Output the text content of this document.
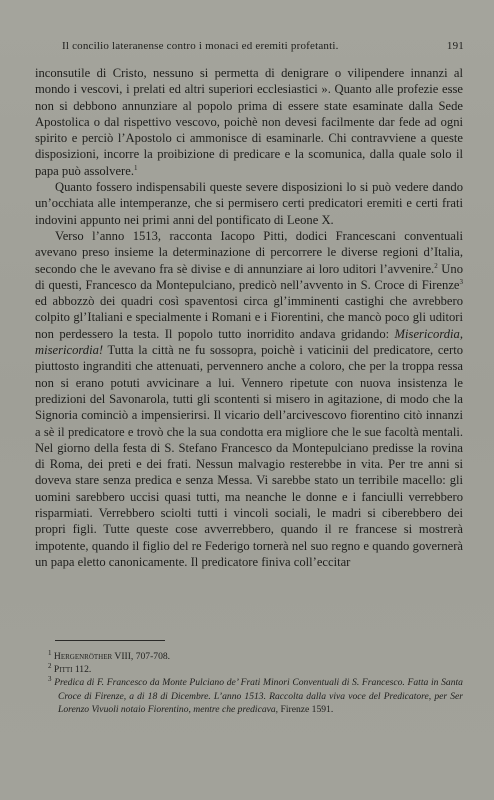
Il concilio lateranense contro i monaci ed eremiti profetanti.	191

inconsutile di Cristo, nessuno si permetta di denigrare o vilipendere innanzi al mondo i vescovi, i prelati ed altri superiori ecclesiastici ». Quanto alle profezie esse non si debbono annunziare al popolo prima di essere state esaminate dalla Sede Apostolica o dal rispettivo vescovo, poichè non devesi facilmente dar fede ad ogni spirito e perciò l’Apostolo ci ammonisce di esaminarle. Chi contravviene a queste disposizioni, incorre la proibizione di predicare e la scomunica, dalla quale solo il papa può assolvere.$^1$

Quanto fossero indispensabili queste severe disposizioni lo si può vedere dando un’occhiata alle intemperanze, che si permisero certi predicatori eremiti e certi frati indovini appunto nei primi anni del pontificato di Leone X.

Verso l’anno 1513, racconta Iacopo Pitti, dodici Francescani conventuali avevano preso insieme la determinazione di percorrere le diverse regioni d’Italia, secondo che le avevano fra sè divise e di annunziare ai loro uditori l’avvenire.$^2$ Uno di questi, Francesco da Montepulciano, predicò nell’avvento in S. Croce di Firenze$^3$ ed abbozzò dei quadri così spaventosi circa gl’imminenti castighi che avrebbero colpito gl’Italiani e specialmente i Romani e i Fiorentini, che mancò poco gli uditori non perdessero la testa. Il popolo tutto inorridito andava gridando: Misericordia, misericordia! Tutta la città ne fu sossopra, poichè i vaticinii del predicatore, certo piuttosto ingranditi che attenuati, pervennero anche a coloro, che per la troppa ressa non si erano potuti avvicinare a lui. Vennero ripetute con nuova insistenza le predizioni del Savonarola, tutti gli scontenti si misero in agitazione, di modo che la Signoria cominciò a impensierirsi. Il vicario dell’arcivescovo fiorentino citò innanzi a sè il predicatore e trovò che la sua condotta era migliore che le sue facoltà mentali. Nel giorno della festa di S. Stefano Francesco da Montepulciano predisse la rovina di Roma, dei preti e dei frati. Nessun malvagio resterebbe in vita. Per tre anni si doveva stare senza predica e senza Messa. Vi sarebbe stato un terribile macello: gli uomini sarebbero uccisi quasi tutti, ma neanche le donne e i fanciulli verrebbero risparmiati. Verrebbero sciolti tutti i vincoli sociali, le madri si ciberebbero dei propri figli. Tutte queste cose avverrebbero, quando il re francese si mostrerà impotente, quando il figlio del re Federigo tornerà nel suo regno e quando governerà un papa eletto canonicamente. Il predicatore finiva coll’eccitar

$^1$ Hergenröther VIII, 707-708.

$^2$ Pitti 112.

$^3$ Predica di F. Francesco da Monte Pulciano de’ Frati Minori Conventuali di S. Francesco. Fatta in Santa Croce di Firenze, a di 18 di Dicembre. L’anno 1513. Raccolta dalla viva voce del Predicatore, per Ser Lorenzo Vivuoli notaio Fiorentino, mentre che predicava, Firenze 1591.
